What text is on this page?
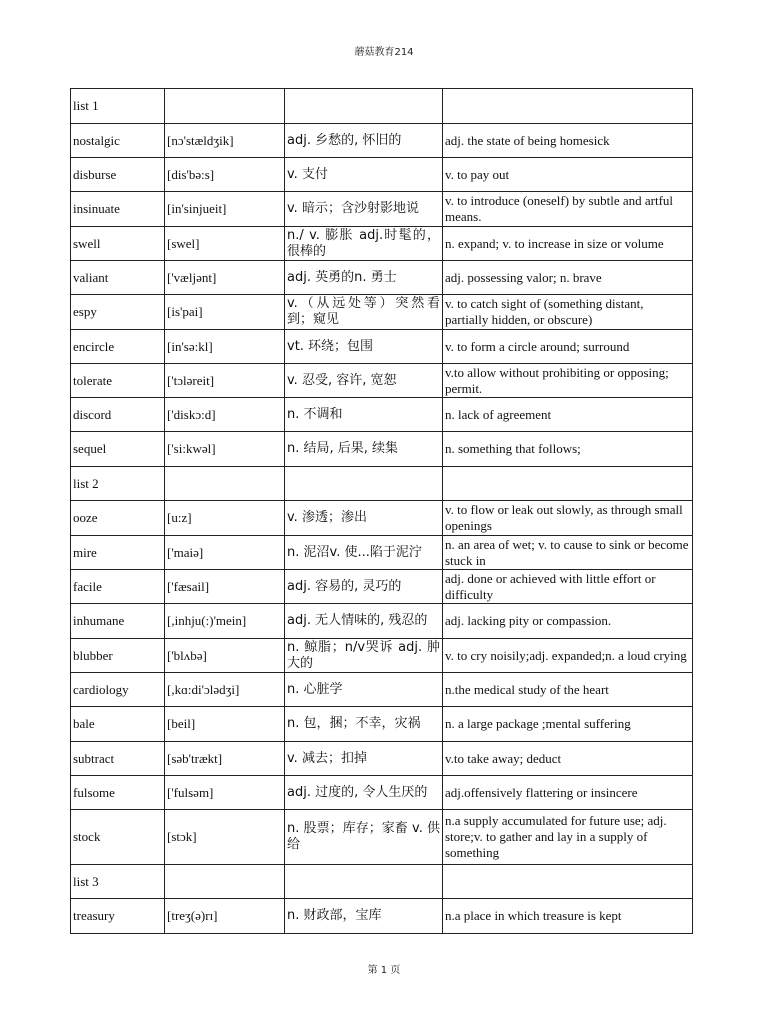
蘑菇教育214
list 1			
nostalgic	[nɔ'stældʒik]	adj. 乡愁的, 怀旧的	adj. the state of being homesick
disburse	[dis'bə:s]	v. 支付	v. to pay out
insinuate	[in'sinjueit]	v. 暗示；含沙射影地说	v. to introduce (oneself) by subtle and artful means.
swell	[swel]	n./ v. 膨胀 adj.时髦的，很棒的	n. expand; v. to increase in size or volume
valiant	['væljənt]	adj. 英勇的n. 勇士	adj. possessing valor; n. brave
espy	[is'pai]	v.（从远处等）突然看到；窥见	v. to catch sight of (something distant, partially hidden, or obscure)
encircle	[in'sə:kl]	vt. 环绕；包围	v. to form a circle around; surround
tolerate	['tɔləreit]	v. 忍受, 容许, 宽恕	v.to allow without prohibiting or opposing; permit.
discord	['diskɔ:d]	n. 不调和	n. lack of agreement
sequel	['si:kwəl]	n. 结局, 后果, 续集	n. something that follows;
list 2			
ooze	[u:z]	v. 渗透；渗出	v. to flow or leak out slowly, as through small openings
mire	['maiə]	n. 泥沼v. 使...陷于泥泞	n. an area of wet; v. to cause to sink or become stuck in
facile	['fæsail]	adj. 容易的, 灵巧的	adj. done or achieved with little effort or difficulty
inhumane	[,inhju(:)'mein]	adj. 无人情味的, 残忍的	adj. lacking pity or compassion.
blubber	['blʌbə]	n. 鲸脂；n/v哭诉 adj. 肿大的	v. to cry noisily;adj. expanded;n. a loud crying
cardiology	[,kɑ:di'ɔlədʒi]	n. 心脏学	n.the medical study of the heart
bale	[beil]	n. 包，捆；不幸，灾祸	n. a large package ;mental suffering
subtract	[səb'trækt]	v. 减去；扣掉	v.to take away; deduct
fulsome	['fulsəm]	adj. 过度的, 令人生厌的	adj.offensively flattering or insincere
stock	[stɔk]	n. 股票；库存；家畜 v. 供给	n.a supply accumulated for future use; adj. store;v. to gather and lay in a supply of something
list 3			
treasury	[treʒ(ə)rɪ]	n. 财政部，宝库	n.a place in which treasure is kept
第 1 页
